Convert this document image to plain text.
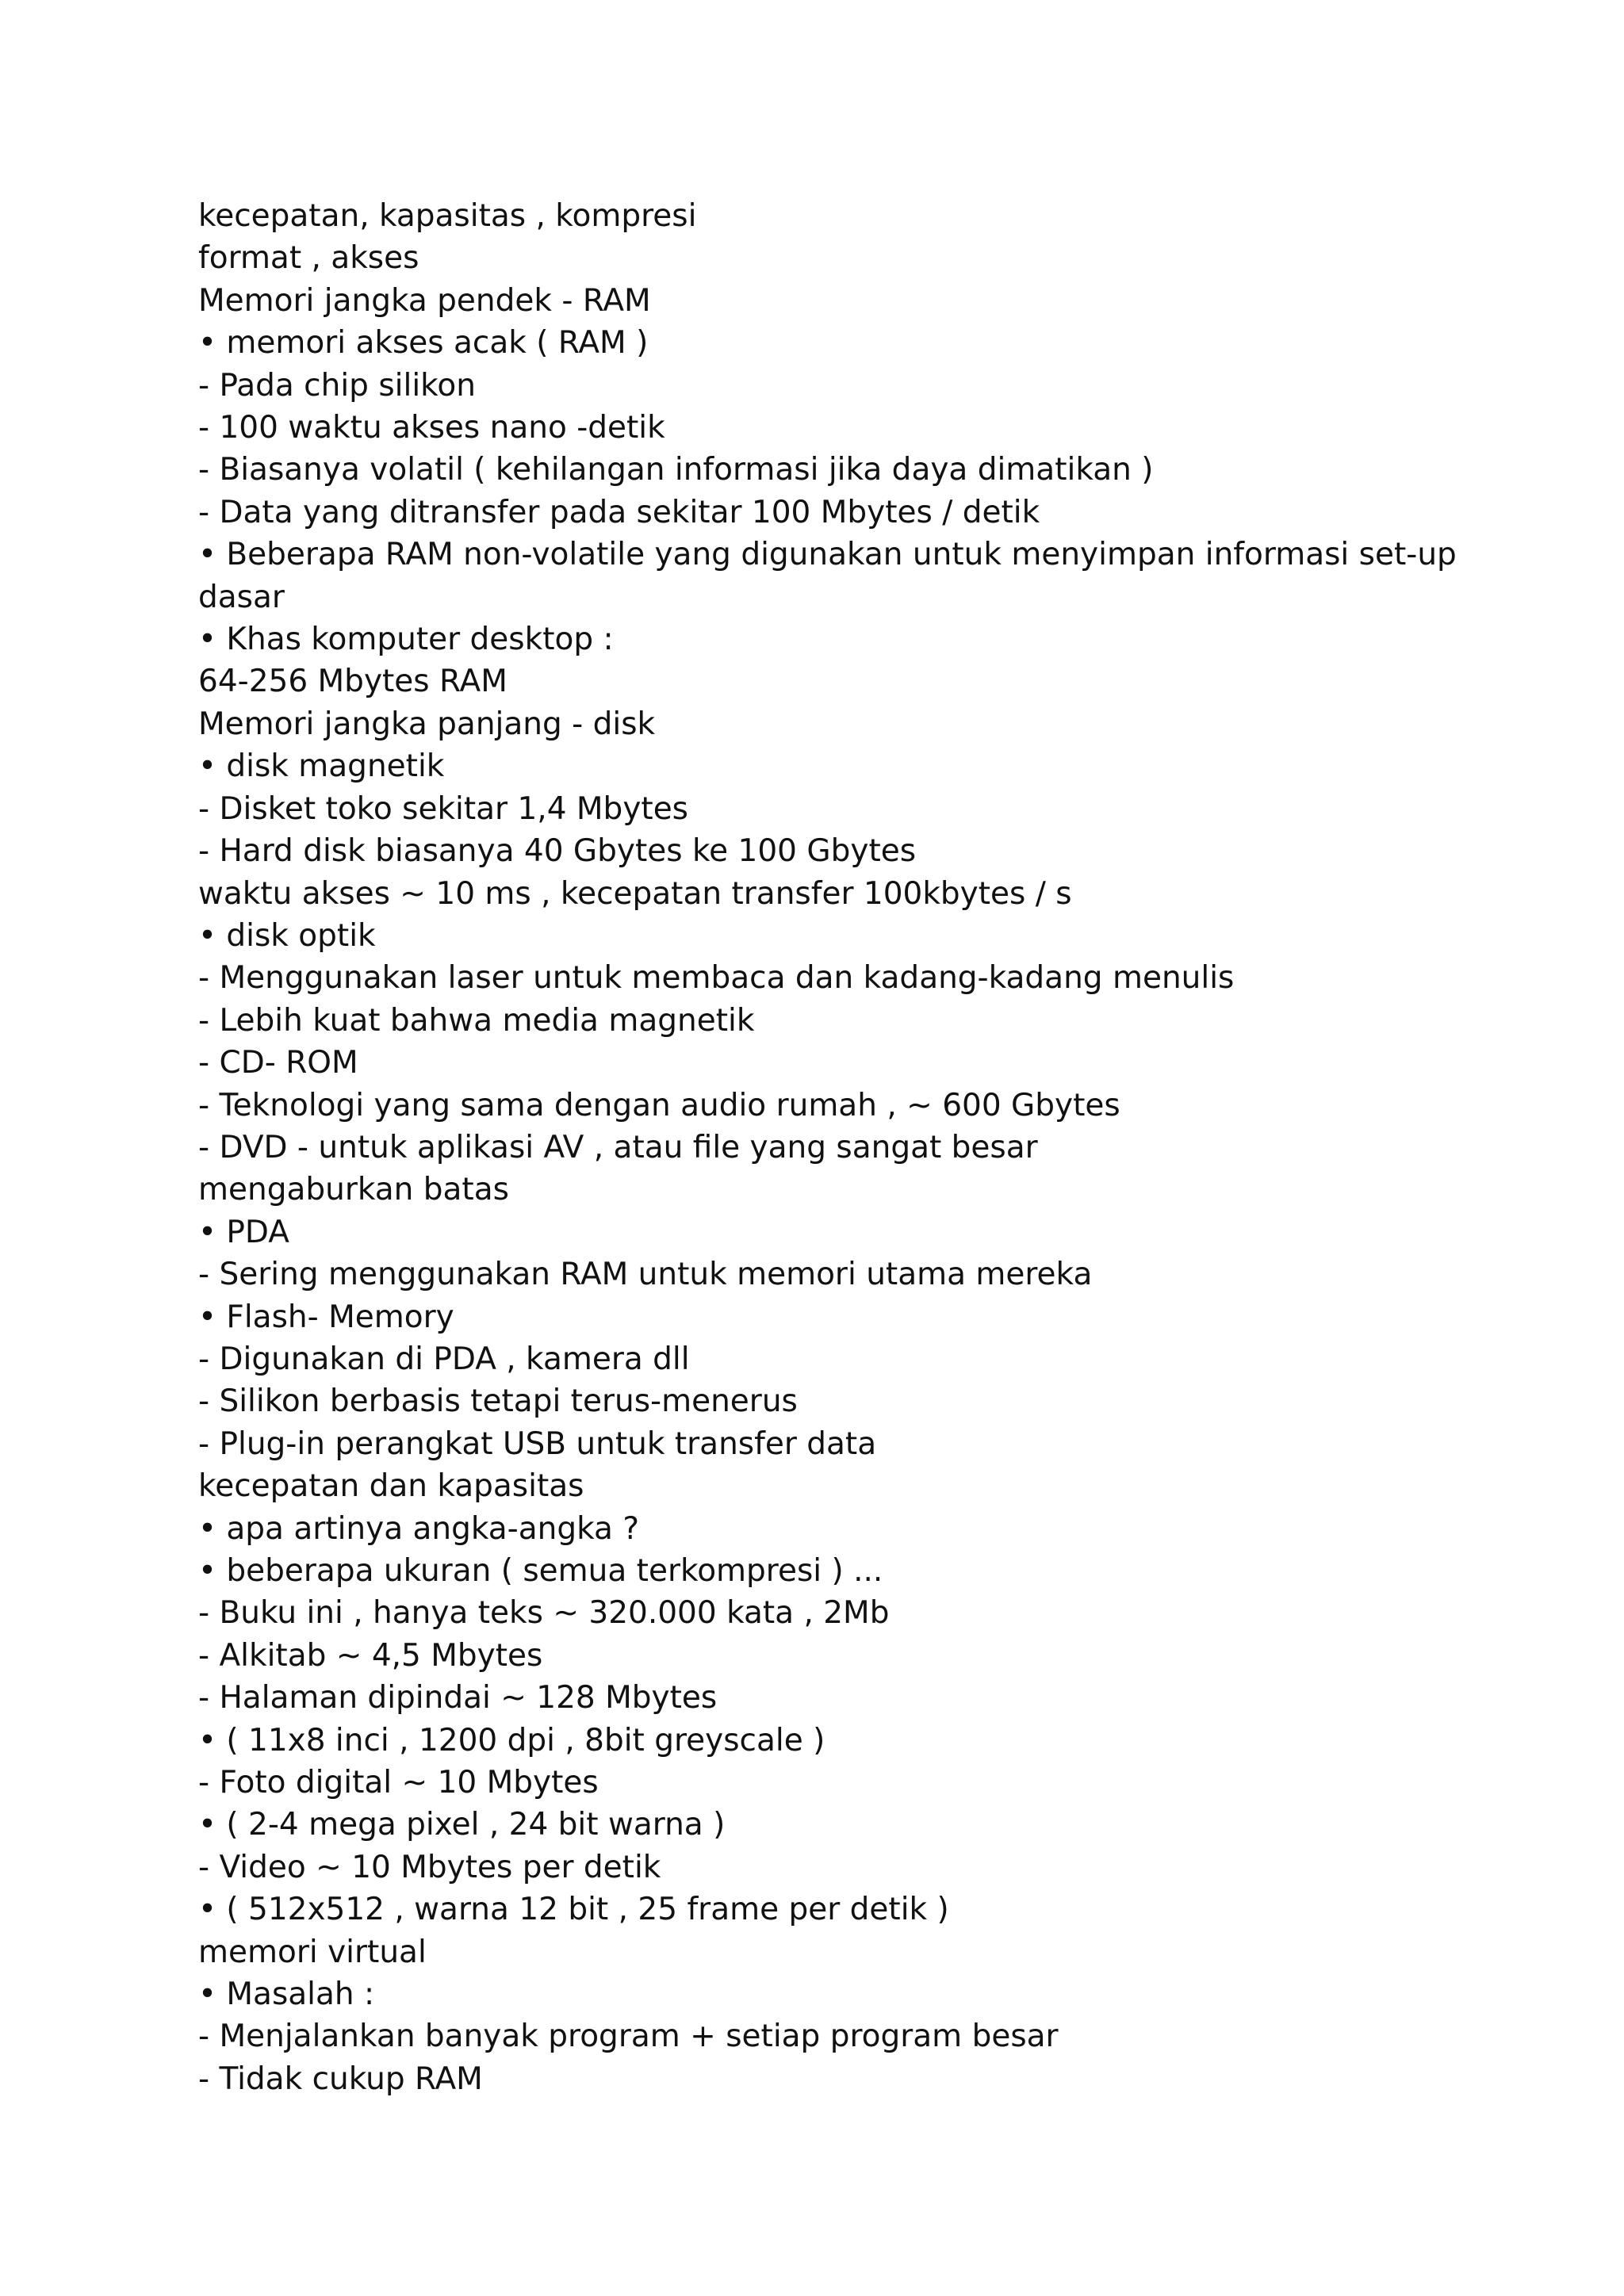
kecepatan, kapasitas , kompresi
format , akses
Memori jangka pendek - RAM
• memori akses acak ( RAM )
- Pada chip silikon
- 100 waktu akses nano -detik
- Biasanya volatil ( kehilangan informasi jika daya dimatikan )
- Data yang ditransfer pada sekitar 100 Mbytes / detik
• Beberapa RAM non-volatile yang digunakan untuk menyimpan informasi set-up
dasar
• Khas komputer desktop :
64-256 Mbytes RAM
Memori jangka panjang - disk
• disk magnetik
- Disket toko sekitar 1,4 Mbytes
- Hard disk biasanya 40 Gbytes ke 100 Gbytes
waktu akses ~ 10 ms , kecepatan transfer 100kbytes / s
• disk optik
- Menggunakan laser untuk membaca dan kadang-kadang menulis
- Lebih kuat bahwa media magnetik
- CD- ROM
- Teknologi yang sama dengan audio rumah , ~ 600 Gbytes
- DVD - untuk aplikasi AV , atau file yang sangat besar
mengaburkan batas
• PDA
- Sering menggunakan RAM untuk memori utama mereka
• Flash- Memory
- Digunakan di PDA , kamera dll
- Silikon berbasis tetapi terus-menerus
- Plug-in perangkat USB untuk transfer data
kecepatan dan kapasitas
• apa artinya angka-angka ?
• beberapa ukuran ( semua terkompresi ) ...
- Buku ini , hanya teks ~ 320.000 kata , 2Mb
- Alkitab ~ 4,5 Mbytes
- Halaman dipindai ~ 128 Mbytes
• ( 11x8 inci , 1200 dpi , 8bit greyscale )
- Foto digital ~ 10 Mbytes
• ( 2-4 mega pixel , 24 bit warna )
- Video ~ 10 Mbytes per detik
• ( 512x512 , warna 12 bit , 25 frame per detik )
memori virtual
• Masalah :
- Menjalankan banyak program + setiap program besar
- Tidak cukup RAM
